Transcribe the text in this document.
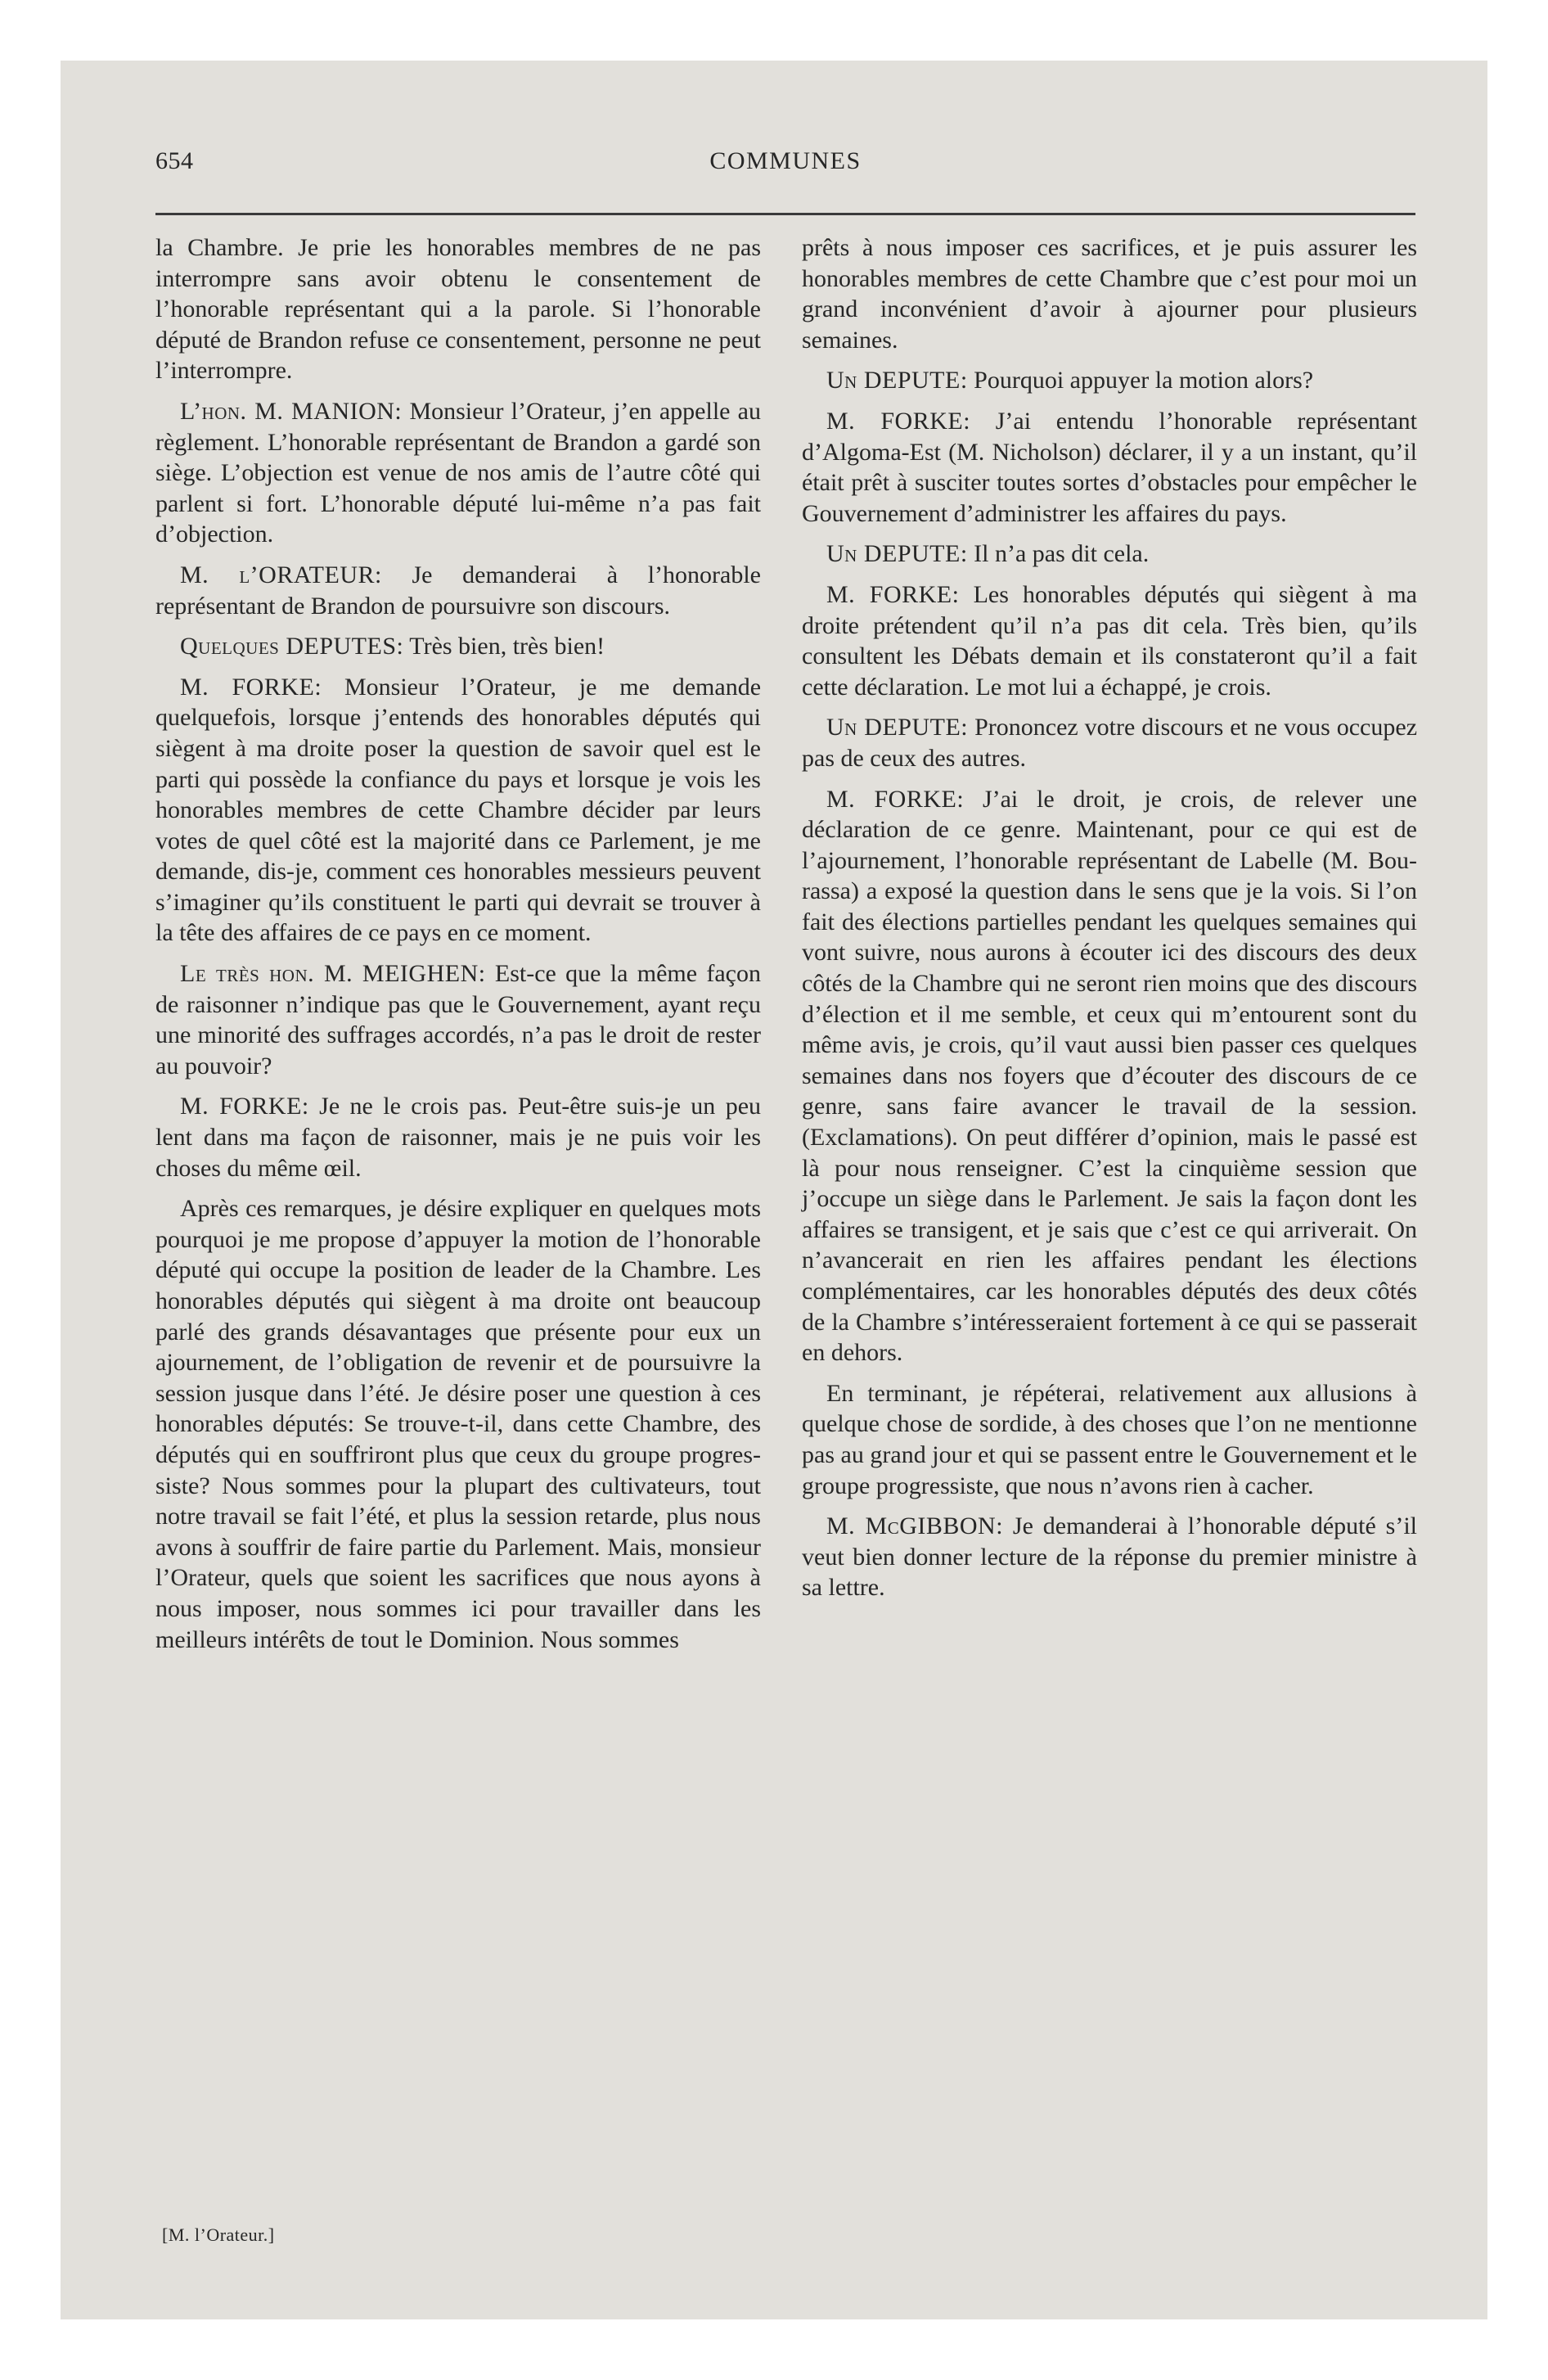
654	COMMUNES

la Chambre. Je prie les honorables membres de ne pas interrompre sans avoir obtenu le consentement de l’honorable représentant qui a la parole. Si l’honorable député de Brandon refuse ce consentement, personne ne peut l’interrompre.

L’hon. M. MANION: Monsieur l’Orateur, j’en appelle au règlement. L’honorable représentant de Brandon a gardé son siège. L’objection est venue de nos amis de l’autre côté qui parlent si fort. L’honorable député lui-même n’a pas fait d’objection.

M. l’ORATEUR: Je demanderai à l’honorable représentant de Brandon de poursuivre son discours.

Quelques DEPUTES: Très bien, très bien!

M. FORKE: Monsieur l’Orateur, je me demande quelquefois, lorsque j’entends des honorables députés qui siègent à ma droite poser la question de savoir quel est le parti qui possède la confiance du pays et lorsque je vois les honorables membres de cette Chambre décider par leurs votes de quel côté est la majorité dans ce Parlement, je me demande, dis-je, comment ces honorables messieurs peuvent s’imaginer qu’ils constituent le parti qui devrait se trouver à la tête des affaires de ce pays en ce moment.

Le très hon. M. MEIGHEN: Est-ce que la même façon de raisonner n’indique pas que le Gouvernement, ayant reçu une minorité des suffrages accordés, n’a pas le droit de rester au pouvoir?

M. FORKE: Je ne le crois pas. Peut-être suis-je un peu lent dans ma façon de raisonner, mais je ne puis voir les choses du même œil.

Après ces remarques, je désire expliquer en quelques mots pourquoi je me propose d’appuyer la motion de l’honorable député qui occupe la position de leader de la Chambre. Les honorables députés qui siègent à ma droite ont beaucoup parlé des grands désavantages que présente pour eux un ajournement, de l’obligation de revenir et de poursuivre la session jusque dans l’été. Je désire poser une question à ces honorables députés: Se trouve-t-il, dans cette Chambre, des députés qui en souffriront plus que ceux du groupe progressiste? Nous sommes pour la plupart des cultivateurs, tout notre travail se fait l’été, et plus la session retarde, plus nous avons à souffrir de faire partie du Parlement. Mais, monsieur l’Orateur, quels que soient les sacrifices que nous ayons à nous imposer, nous sommes ici pour travailler dans les meilleurs intérêts de tout le Dominion. Nous sommes

prêts à nous imposer ces sacrifices, et je puis assurer les honorables membres de cette Chambre que c’est pour moi un grand inconvénient d’avoir à ajourner pour plusieurs semaines.

Un DEPUTE: Pourquoi appuyer la motion alors?

M. FORKE: J’ai entendu l’honorable représentant d’Algoma-Est (M. Nicholson) déclarer, il y a un instant, qu’il était prêt à susciter toutes sortes d’obstacles pour empêcher le Gouvernement d’administrer les affaires du pays.

Un DEPUTE: Il n’a pas dit cela.

M. FORKE: Les honorables députés qui siègent à ma droite prétendent qu’il n’a pas dit cela. Très bien, qu’ils consultent les Débats demain et ils constateront qu’il a fait cette déclaration. Le mot lui a échappé, je crois.

Un DEPUTE: Prononcez votre discours et ne vous occupez pas de ceux des autres.

M. FORKE: J’ai le droit, je crois, de relever une déclaration de ce genre. Maintenant, pour ce qui est de l’ajournement, l’honorable représentant de Labelle (M. Bourassa) a exposé la question dans le sens que je la vois. Si l’on fait des élections partielles pendant les quelques semaines qui vont suivre, nous aurons à écouter ici des discours des deux côtés de la Chambre qui ne seront rien moins que des discours d’élection et il me semble, et ceux qui m’entourent sont du même avis, je crois, qu’il vaut aussi bien passer ces quelques semaines dans nos foyers que d’écouter des discours de ce genre, sans faire avancer le travail de la session. (Exclamations). On peut différer d’opinion, mais le passé est là pour nous renseigner. C’est la cinquième session que j’occupe un siège dans le Parlement. Je sais la façon dont les affaires se transigent, et je sais que c’est ce qui arriverait. On n’avancerait en rien les affaires pendant les élections complémentaires, car les honorables députés des deux côtés de la Chambre s’intéresseraient fortement à ce qui se passerait en dehors.

En terminant, je répéterai, relativement aux allusions à quelque chose de sordide, à des choses que l’on ne mentionne pas au grand jour et qui se passent entre le Gouvernement et le groupe progressiste, que nous n’avons rien à cacher.

M. McGIBBON: Je demanderai à l’honorable député s’il veut bien donner lecture de la réponse du premier ministre à sa lettre.

[M. l’Orateur.]
